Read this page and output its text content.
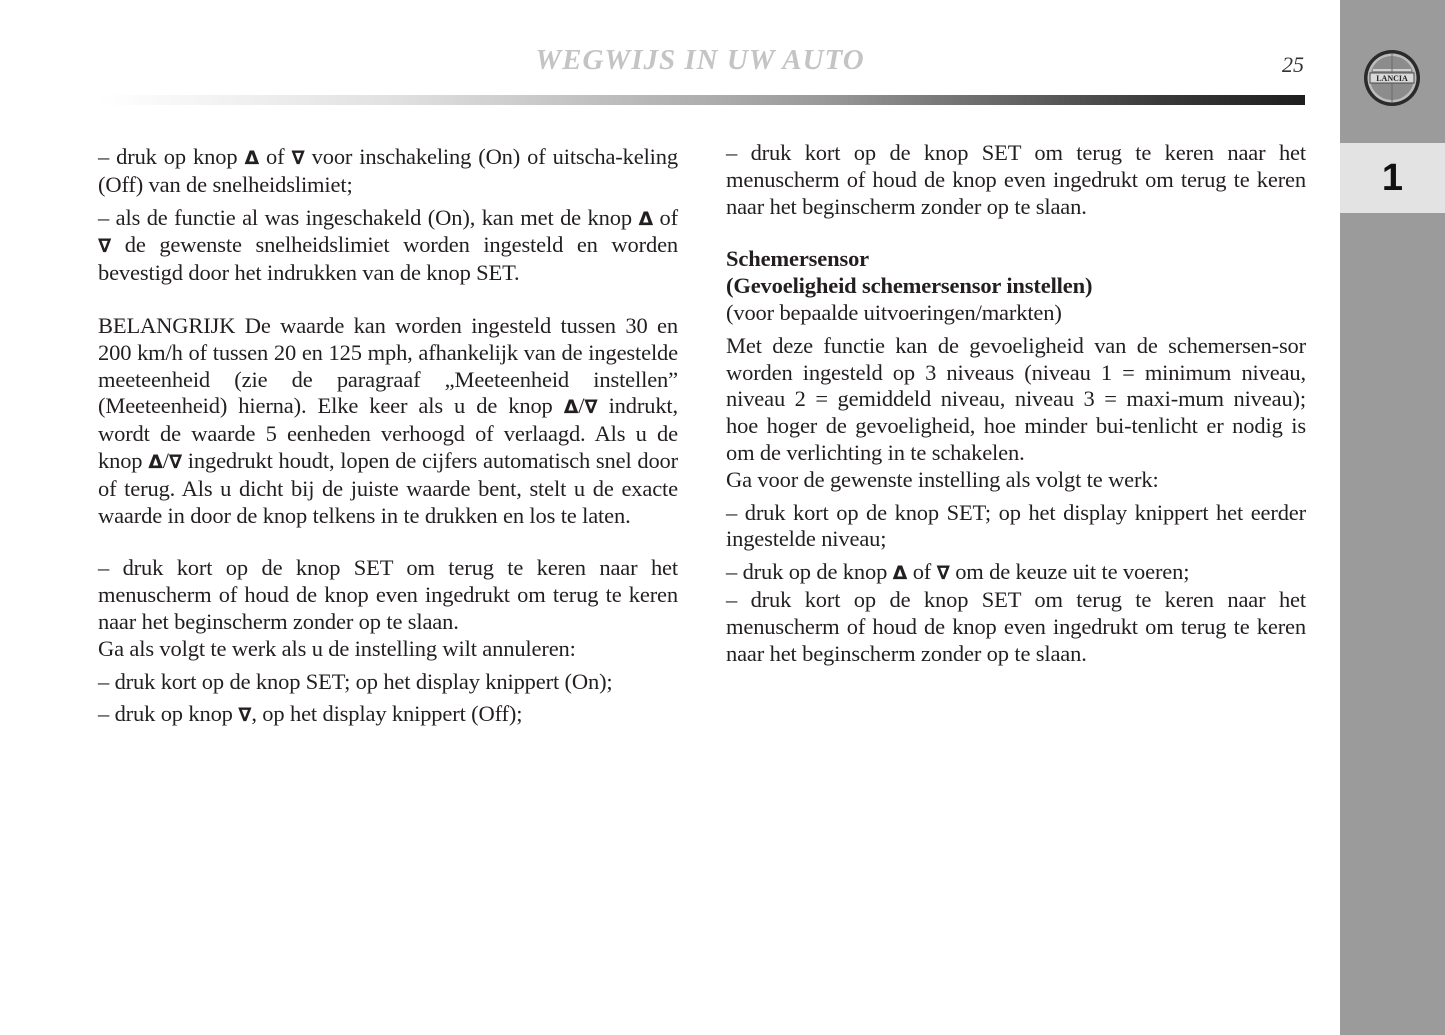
WEGWIJS IN UW AUTO	25
LANCIA
1

– druk op knop Δ of ∇ voor inschakeling (On) of uitscha-keling (Off) van de snelheidslimiet;

– als de functie al was ingeschakeld (On), kan met de knop Δ of ∇ de gewenste snelheidslimiet worden ingesteld en worden bevestigd door het indrukken van de knop SET.

BELANGRIJK De waarde kan worden ingesteld tussen 30 en 200 km/h of tussen 20 en 125 mph, afhankelijk van de ingestelde meeteenheid (zie de paragraaf „Meeteenheid instellen” (Meeteenheid) hierna). Elke keer als u de knop Δ/∇ indrukt, wordt de waarde 5 eenheden verhoogd of verlaagd. Als u de knop Δ/∇ ingedrukt houdt, lopen de cijfers automatisch snel door of terug. Als u dicht bij de juiste waarde bent, stelt u de exacte waarde in door de knop telkens in te drukken en los te laten.

– druk kort op de knop SET om terug te keren naar het menuscherm of houd de knop even ingedrukt om terug te keren naar het beginscherm zonder op te slaan.

Ga als volgt te werk als u de instelling wilt annuleren:

– druk kort op de knop SET; op het display knippert (On);

– druk op knop ∇, op het display knippert (Off);

– druk kort op de knop SET om terug te keren naar het menuscherm of houd de knop even ingedrukt om terug te keren naar het beginscherm zonder op te slaan.

Schemersensor

(Gevoeligheid schemersensor instellen)

(voor bepaalde uitvoeringen/markten)

Met deze functie kan de gevoeligheid van de schemersen-sor worden ingesteld op 3 niveaus (niveau 1 = minimum niveau, niveau 2 = gemiddeld niveau, niveau 3 = maxi-mum niveau); hoe hoger de gevoeligheid, hoe minder bui-tenlicht er nodig is om de verlichting in te schakelen.

Ga voor de gewenste instelling als volgt te werk:

– druk kort op de knop SET; op het display knippert het eerder ingestelde niveau;

– druk op de knop Δ of ∇ om de keuze uit te voeren;

– druk kort op de knop SET om terug te keren naar het menuscherm of houd de knop even ingedrukt om terug te keren naar het beginscherm zonder op te slaan.
